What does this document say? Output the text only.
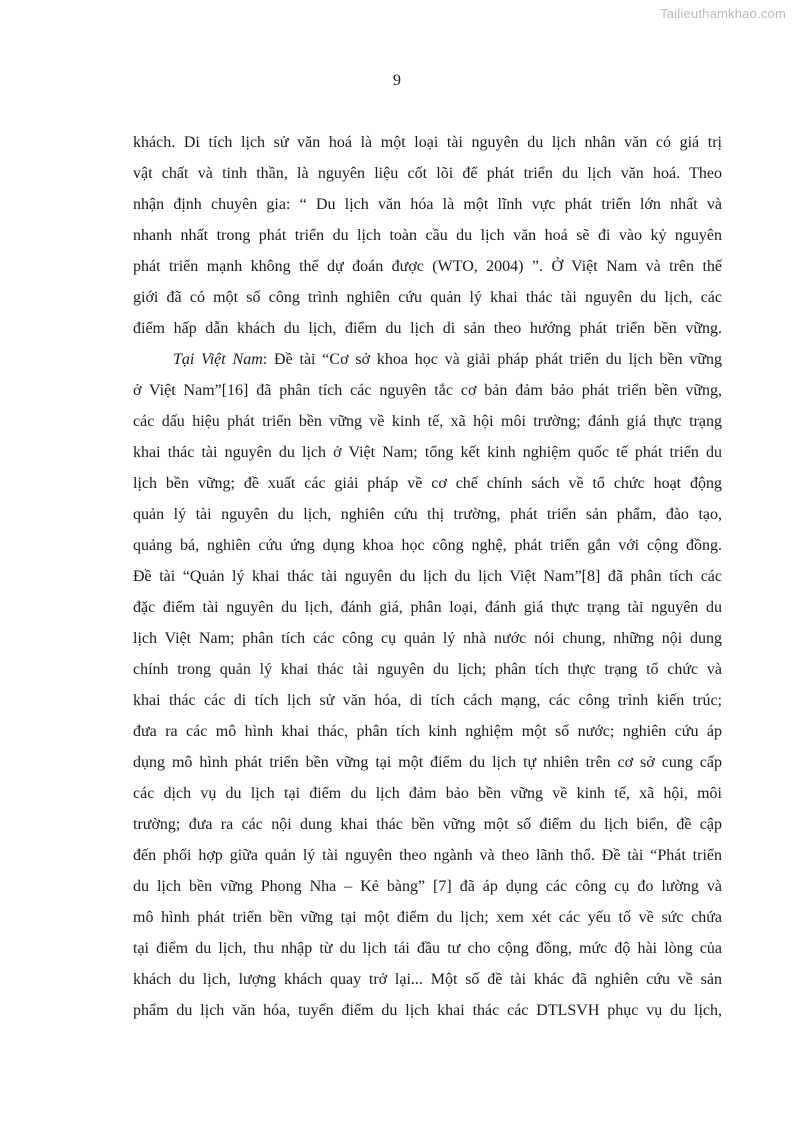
Tailieuthamkhao.com
9
khách. Di tích lịch sử văn hoá là một loại tài nguyên du lịch nhân văn có giá trị
vật chất và tinh thần, là nguyên liệu cốt lõi để phát triển du lịch văn hoá. Theo
nhận định chuyên gia: “ Du lịch văn hóa là một lĩnh vực phát triển lớn nhất và
nhanh nhất trong phát triển du lịch toàn cầu du lịch văn hoá sẽ đi vào kỷ nguyên
phát triển mạnh không thể dự đoán được (WTO, 2004) ”. Ở Việt Nam và trên thế
giới đã có một số công trình nghiên cứu quản lý khai thác tài nguyên du lịch, các
điểm hấp dẫn khách du lịch, điểm du lịch di sản theo hướng phát triển bền vững.
Tại Việt Nam: Đề tài “Cơ sở khoa học và giải pháp phát triển du lịch bền vững
ở Việt Nam”[16] đã phân tích các nguyên tắc cơ bản đảm bảo phát triển bền vững,
các dấu hiệu phát triển bền vững về kinh tế, xã hội môi trường; đánh giá thực trạng
khai thác tài nguyên du lịch ở Việt Nam; tổng kết kinh nghiệm quốc tế phát triển du
lịch bền vững; đề xuất các giải pháp về cơ chế chính sách về tổ chức hoạt động
quản lý tài nguyên du lịch, nghiên cứu thị trường, phát triển sản phẩm, đào tạo,
quảng bá, nghiên cứu ứng dụng khoa học công nghệ, phát triển gắn với cộng đồng.
Đề tài “Quản lý khai thác tài nguyên du lịch du lịch Việt Nam”[8] đã phân tích các
đặc điểm tài nguyên du lịch, đánh giá, phân loại, đánh giá thực trạng tài nguyên du
lịch Việt Nam; phân tích các công cụ quản lý nhà nước nói chung, những nội dung
chính trong quản lý khai thác tài nguyên du lịch; phân tích thực trạng tổ chức và
khai thác các di tích lịch sử văn hóa, di tích cách mạng, các công trình kiến trúc;
đưa ra các mô hình khai thác, phân tích kinh nghiệm một số nước; nghiên cứu áp
dụng mô hình phát triển bền vững tại một điểm du lịch tự nhiên trên cơ sở cung cấp
các dịch vụ du lịch tại điểm du lịch đảm bảo bền vững về kinh tế, xã hội, môi
trường; đưa ra các nội dung khai thác bền vững một số điểm du lịch biển, đề cập
đến phối hợp giữa quản lý tài nguyên theo ngành và theo lãnh thổ. Đề tài “Phát triển
du lịch bền vững Phong Nha – Kẻ bàng” [7] đã áp dụng các công cụ đo lường và
mô hình phát triển bền vững tại một điểm du lịch; xem xét các yếu tố về sức chứa
tại điểm du lịch, thu nhập từ du lịch tái đầu tư cho cộng đồng, mức độ hài lòng của
khách du lịch, lượng khách quay trở lại... Một số đề tài khác đã nghiên cứu về sản
phẩm du lịch văn hóa, tuyến điểm du lịch khai thác các DTLSVH phục vụ du lịch,
